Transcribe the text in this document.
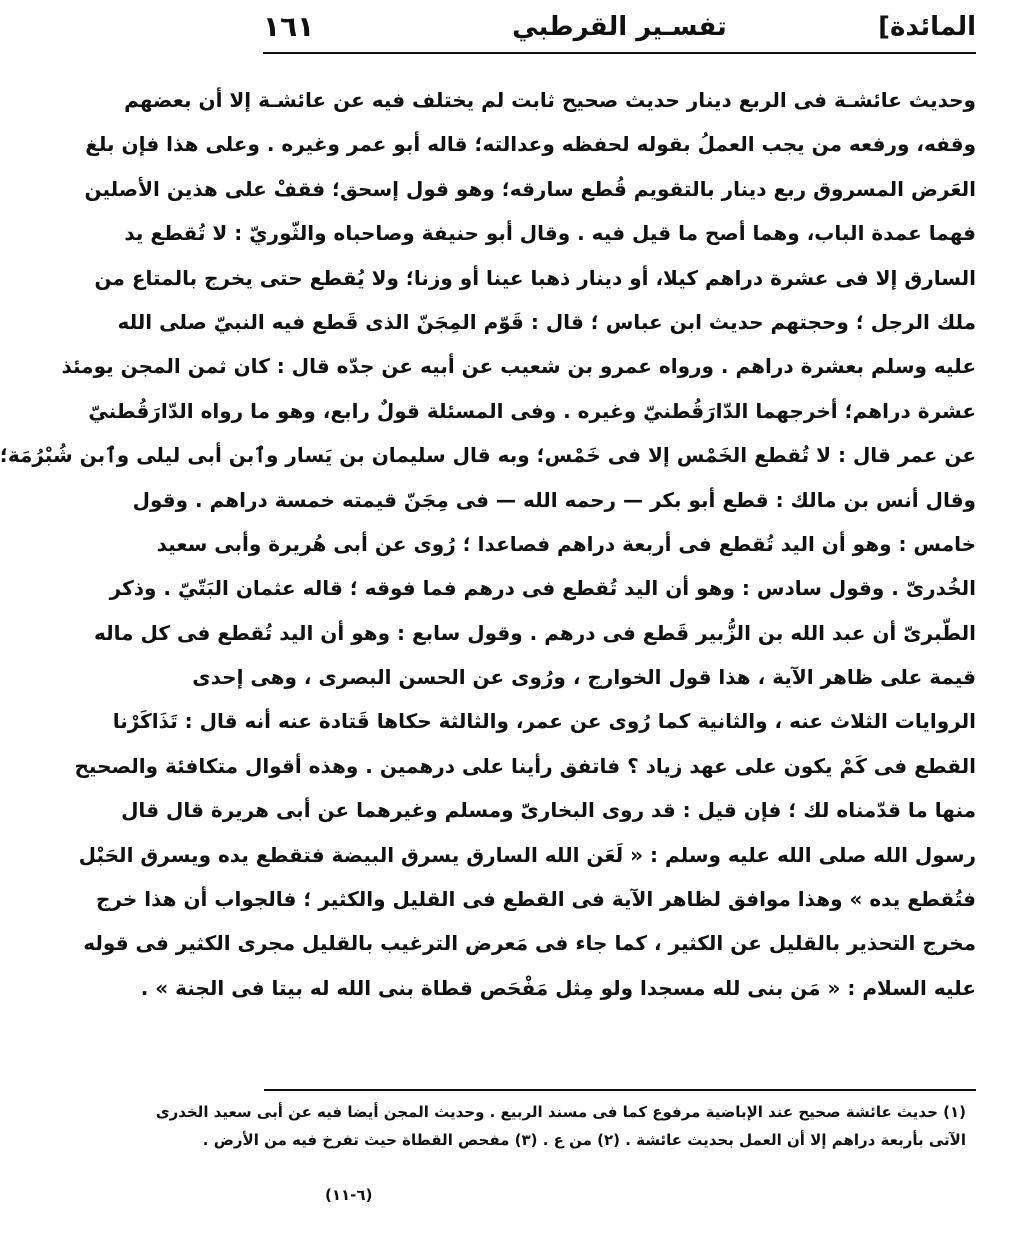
المائدة]
تفسـير القرطبي
١٦١
وحديث عائشـة فى الربع دينار حديث صحيح ثابت لم يختلف فيه عن عائشـة إلا أن بعضهم
وقفه، ورفعه من يجب العملُ بقوله لحفظه وعدالته؛ قاله أبو عمر وغيره . وعلى هذا فإن بلغ
العَرض المسروق ربع دينار بالتقويم قُطع سارقه؛ وهو قول إسحق؛ فقفْ على هذين الأصلين
فهما عمدة الباب، وهما أصح ما قيل فيه . وقال أبو حنيفة وصاحباه والثّوريّ : لا تُقطع يد
السارق إلا فى عشرة دراهم كيلا، أو دينار ذهبا عينا أو وزنا؛ ولا يُقطع حتى يخرج بالمتاع من
ملك الرجل ؛ وحجتهم حديث ابن عباس ؛ قال : قَوّم المِجَنّ الذى قَطع فيه النبيّ صلى الله
عليه وسلم بعشرة دراهم . ورواه عمرو بن شعيب عن أبيه عن جدّه قال : كان ثمن المجن يومئذ
عشرة دراهم؛ أخرجهما الدّارَقُطنيّ وغيره . وفى المسئلة قولٌ رابع، وهو ما رواه الدّارَقُطنيّ
عن عمر قال : لا تُقطع الخَمْس إلا فى خَمْس؛ وبه قال سليمان بن يَسار وٱبن أبى ليلى وٱبن شُبْرُمَة؛
وقال أنس بن مالك : قطع أبو بكر — رحمه الله — فى مِجَنّ قيمته خمسة دراهم . وقول
خامس : وهو أن اليد تُقطع فى أربعة دراهم فصاعدا ؛ رُوى عن أبى هُريرة وأبى سعيد
الخُدرىّ . وقول سادس : وهو أن اليد تُقطع فى درهم فما فوقه ؛ قاله عثمان البَتّيّ . وذكر
الطّبرىّ أن عبد الله بن الزُّبير قَطع فى درهم . وقول سابع : وهو أن اليد تُقطع فى كل ماله
قيمة على ظاهر الآية ، هذا قول الخوارج ، ورُوى عن الحسن البصرى ، وهى إحدى
الروايات الثلاث عنه ، والثانية كما رُوى عن عمر، والثالثة حكاها قَتادة عنه أنه قال : تَذَاكَرْنا
القطع فى كَمْ يكون على عهد زياد ؟ فاتفق رأينا على درهمين . وهذه أقوال متكافئة والصحيح
منها ما قدّمناه لك ؛ فإن قيل : قد روى البخارىّ ومسلم وغيرهما عن أبى هريرة قال قال
رسول الله صلى الله عليه وسلم : « لَعَن الله السارق يسرق البيضة فتقطع يده ويسرق الحَبْل
فتُقطع يده » وهذا موافق لظاهر الآية فى القطع فى القليل والكثير ؛ فالجواب أن هذا خرج
مخرج التحذير بالقليل عن الكثير ، كما جاء فى مَعرض الترغيب بالقليل مجرى الكثير فى قوله
عليه السلام : « مَن بنى لله مسجدا ولو مِثل مَفْحَص قطاة بنى الله له بيتا فى الجنة » .
(١) حديث عائشة صحيح عند الإباضية مرفوع كما فى مسند الربيع . وحديث المجن أيضا فيه عن أبى سعيد الخدرى
الآتى بأربعة دراهم إلا أن العمل بحديث عائشة . (٢) من ع . (٣) مفحص القطاة حيث تفرخ فيه من الأرض .
(٦-١١)
